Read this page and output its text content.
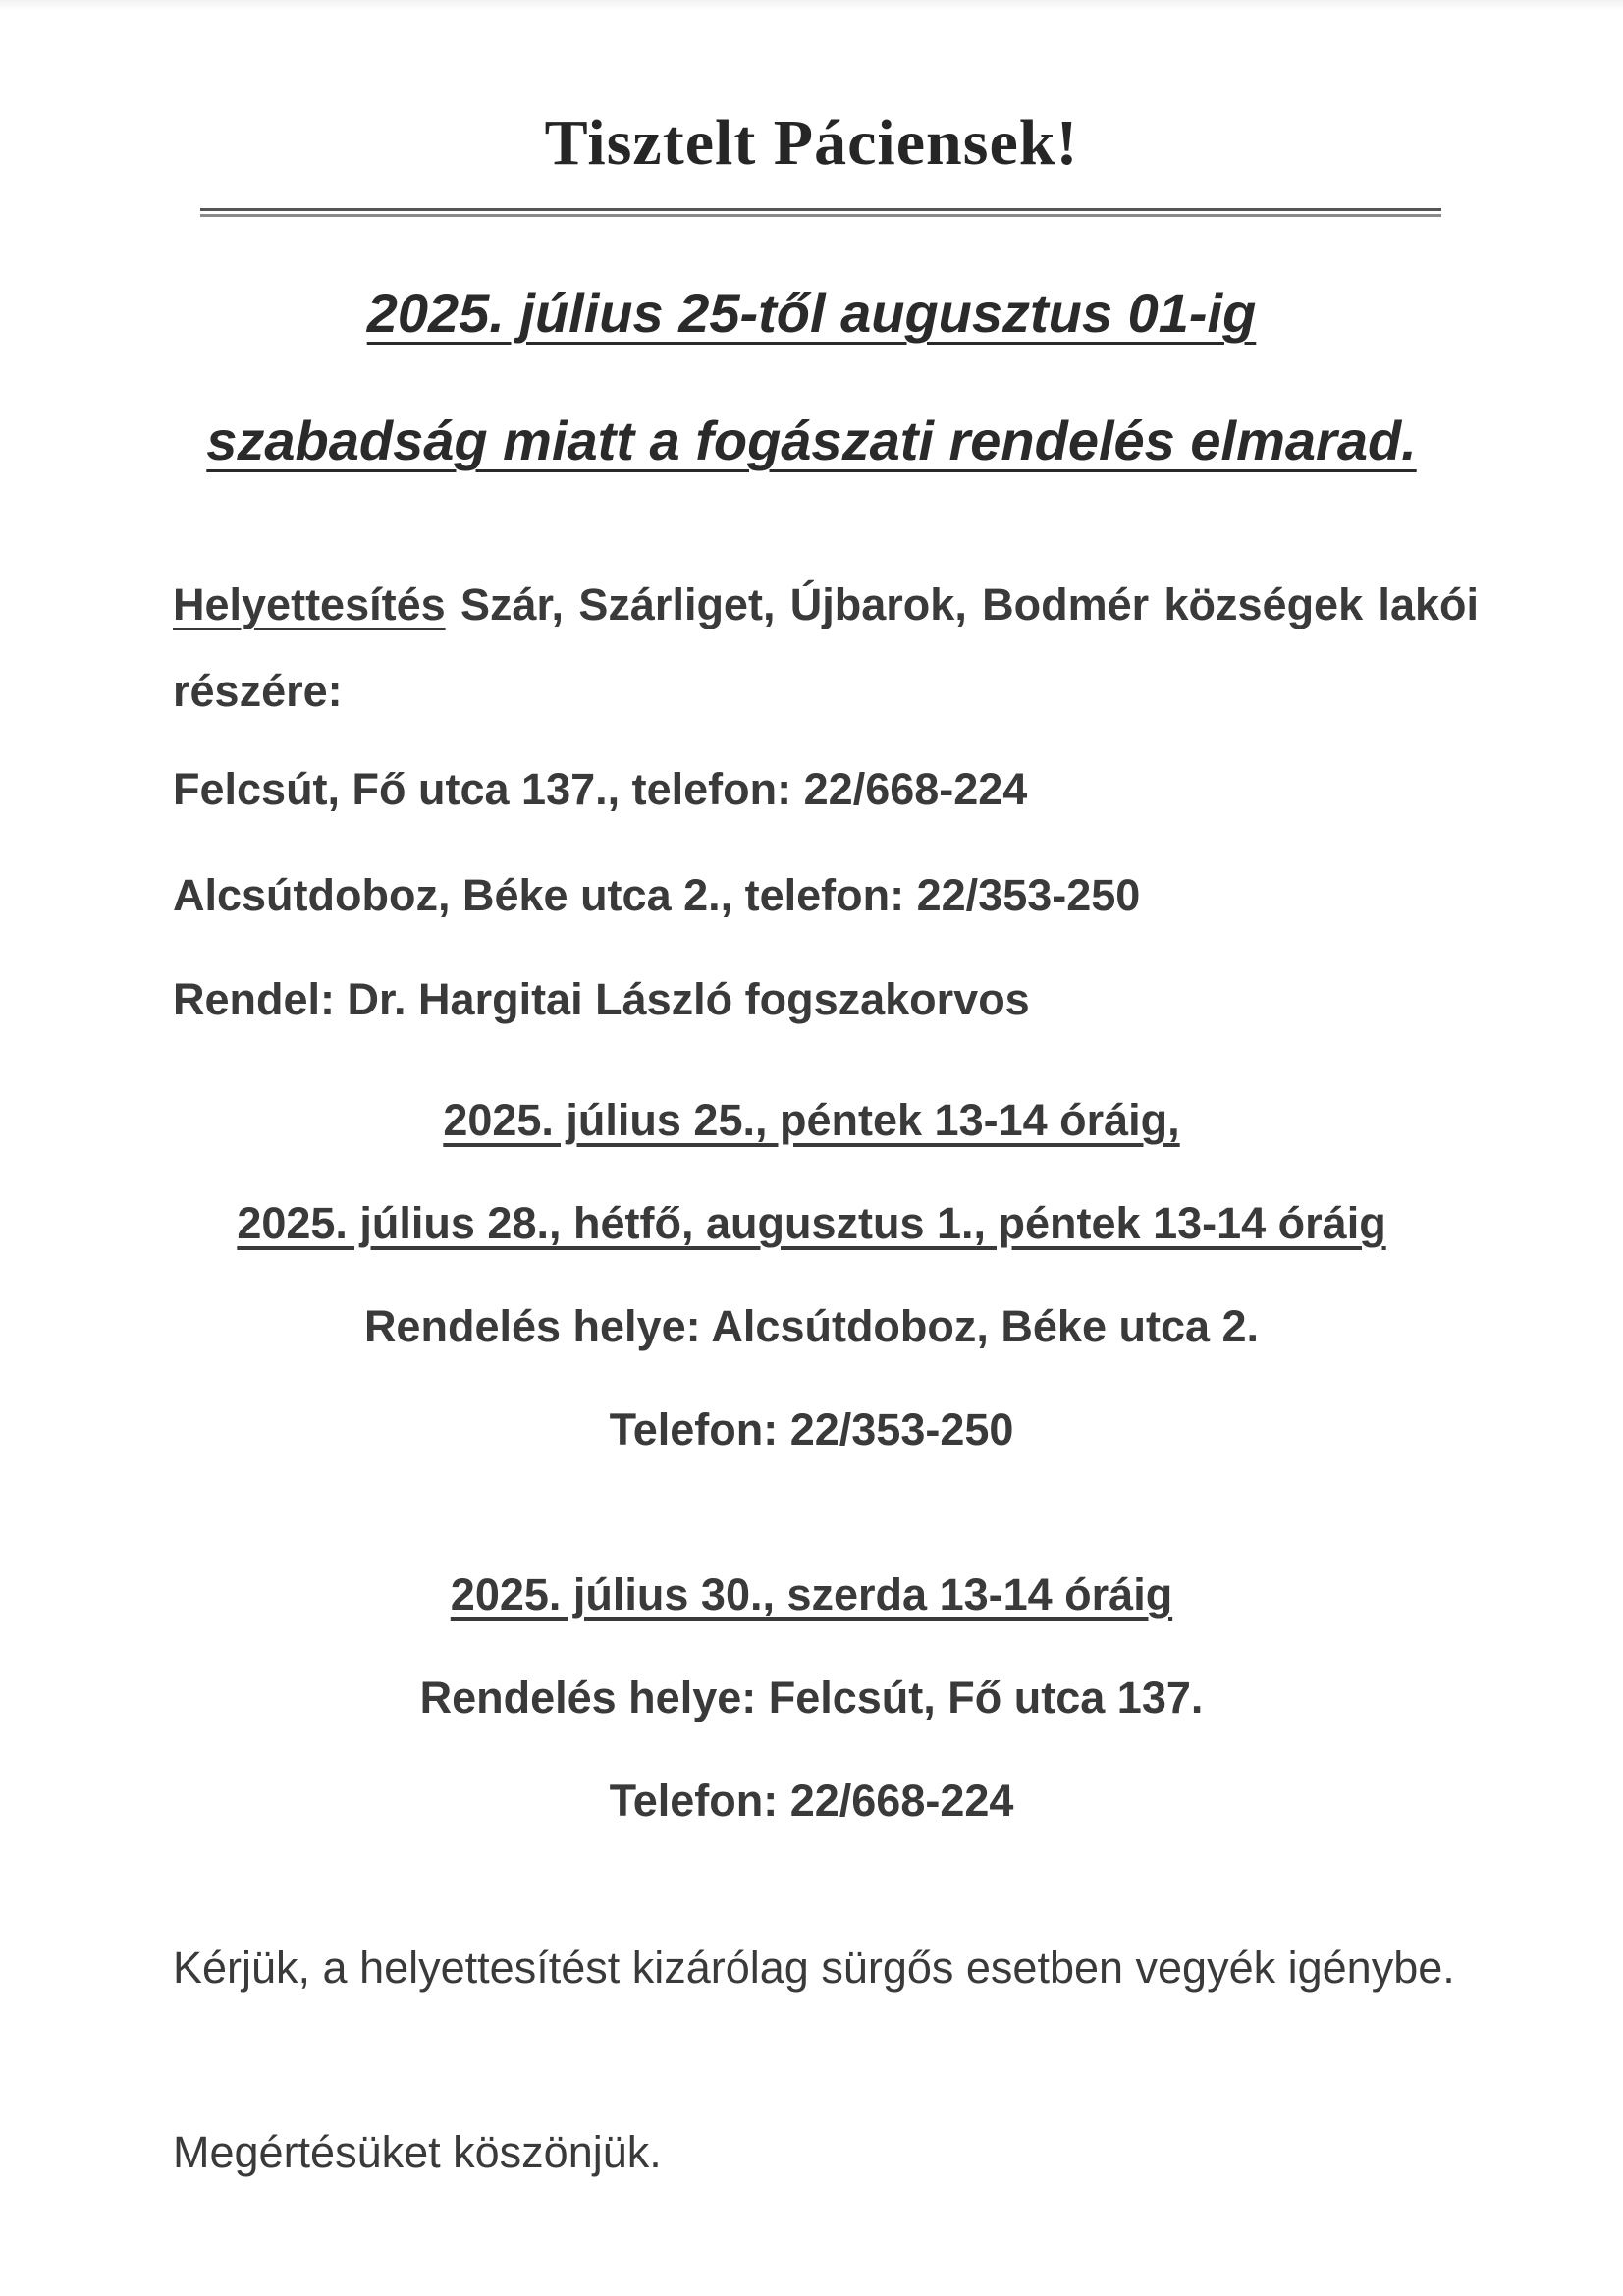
Tisztelt Páciensek!
2025. július 25-től augusztus 01-ig
szabadság miatt a fogászati rendelés elmarad.
Helyettesítés Szár, Szárliget, Újbarok, Bodmér községek lakói részére:
Felcsút, Fő utca 137., telefon: 22/668-224
Alcsútdoboz, Béke utca 2., telefon: 22/353-250
Rendel: Dr. Hargitai László fogszakorvos
2025. július 25., péntek 13-14 óráig,
2025. július 28., hétfő, augusztus 1., péntek 13-14 óráig
Rendelés helye: Alcsútdoboz, Béke utca 2.
Telefon: 22/353-250
2025. július 30., szerda 13-14 óráig
Rendelés helye: Felcsút, Fő utca 137.
Telefon: 22/668-224
Kérjük, a helyettesítést kizárólag sürgős esetben vegyék igénybe.
Megértésüket köszönjük.
